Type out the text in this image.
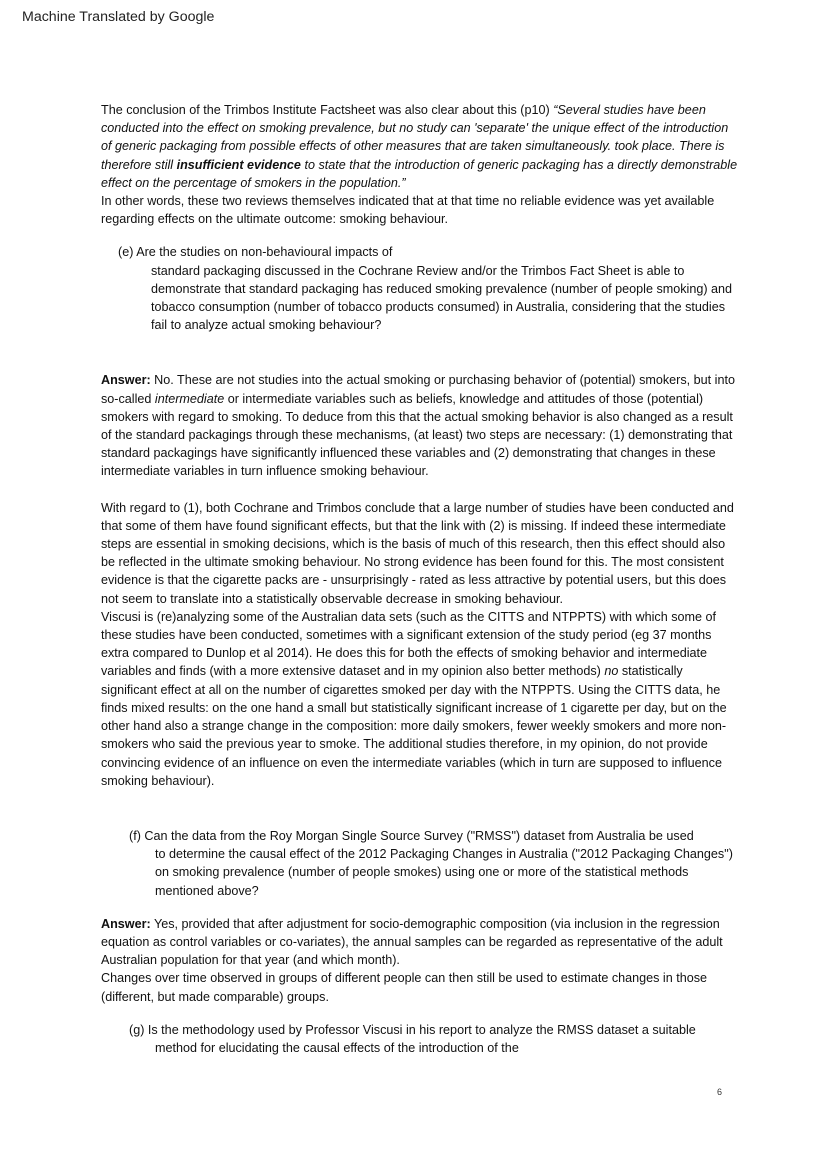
Machine Translated by Google

The conclusion of the Trimbos Institute Factsheet was also clear about this (p10) “Several studies have been conducted into the effect on smoking prevalence, but no study can 'separate' the unique effect of the introduction of generic packaging from possible effects of other measures that are taken simultaneously. took place. There is therefore still insufficient evidence to state that the introduction of generic packaging has a directly demonstrable effect on the percentage of smokers in the population.”

In other words, these two reviews themselves indicated that at that time no reliable evidence was yet available regarding effects on the ultimate outcome: smoking behaviour.

(e) Are the studies on non-behavioural impacts of

standard packaging discussed in the Cochrane Review and/or the Trimbos Fact Sheet is able to demonstrate that standard packaging has reduced smoking prevalence (number of people smoking) and tobacco consumption (number of tobacco products consumed) in Australia, considering that the studies fail to analyze actual smoking behaviour?

Answer: No. These are not studies into the actual smoking or purchasing behavior of (potential) smokers, but into so-called intermediate or intermediate variables such as beliefs, knowledge and attitudes of those (potential) smokers with regard to smoking. To deduce from this that the actual smoking behavior is also changed as a result of the standard packagings through these mechanisms, (at least) two steps are necessary: (1) demonstrating that standard packagings have significantly influenced these variables and (2) demonstrating that changes in these intermediate variables in turn influence smoking behaviour.

With regard to (1), both Cochrane and Trimbos conclude that a large number of studies have been conducted and that some of them have found significant effects, but that the link with (2) is missing. If indeed these intermediate steps are essential in smoking decisions, which is the basis of much of this research, then this effect should also be reflected in the ultimate smoking behaviour. No strong evidence has been found for this. The most consistent evidence is that the cigarette packs are - unsurprisingly - rated as less attractive by potential users, but this does not seem to translate into a statistically observable decrease in smoking behaviour.

Viscusi is (re)analyzing some of the Australian data sets (such as the CITTS and NTPPTS) with which some of these studies have been conducted, sometimes with a significant extension of the study period (eg 37 months extra compared to Dunlop et al 2014). He does this for both the effects of smoking behavior and intermediate variables and finds (with a more extensive dataset and in my opinion also better methods) no statistically significant effect at all on the number of cigarettes smoked per day with the NTPPTS. Using the CITTS data, he finds mixed results: on the one hand a small but statistically significant increase of 1 cigarette per day, but on the other hand also a strange change in the composition: more daily smokers, fewer weekly smokers and more non-smokers who said the previous year to smoke. The additional studies therefore, in my opinion, do not provide convincing evidence of an influence on even the intermediate variables (which in turn are supposed to influence smoking behaviour).

(f) Can the data from the Roy Morgan Single Source Survey ("RMSS") dataset from Australia be used

to determine the causal effect of the 2012 Packaging Changes in Australia ("2012 Packaging Changes") on smoking prevalence (number of people smokes) using one or more of the statistical methods mentioned above?

Answer: Yes, provided that after adjustment for socio-demographic composition (via inclusion in the regression equation as control variables or co-variates), the annual samples can be regarded as representative of the adult Australian population for that year (and which month).

Changes over time observed in groups of different people can then still be used to estimate changes in those (different, but made comparable) groups.

(g) Is the methodology used by Professor Viscusi in his report to analyze the RMSS dataset a suitable

method for elucidating the causal effects of the introduction of the

6
